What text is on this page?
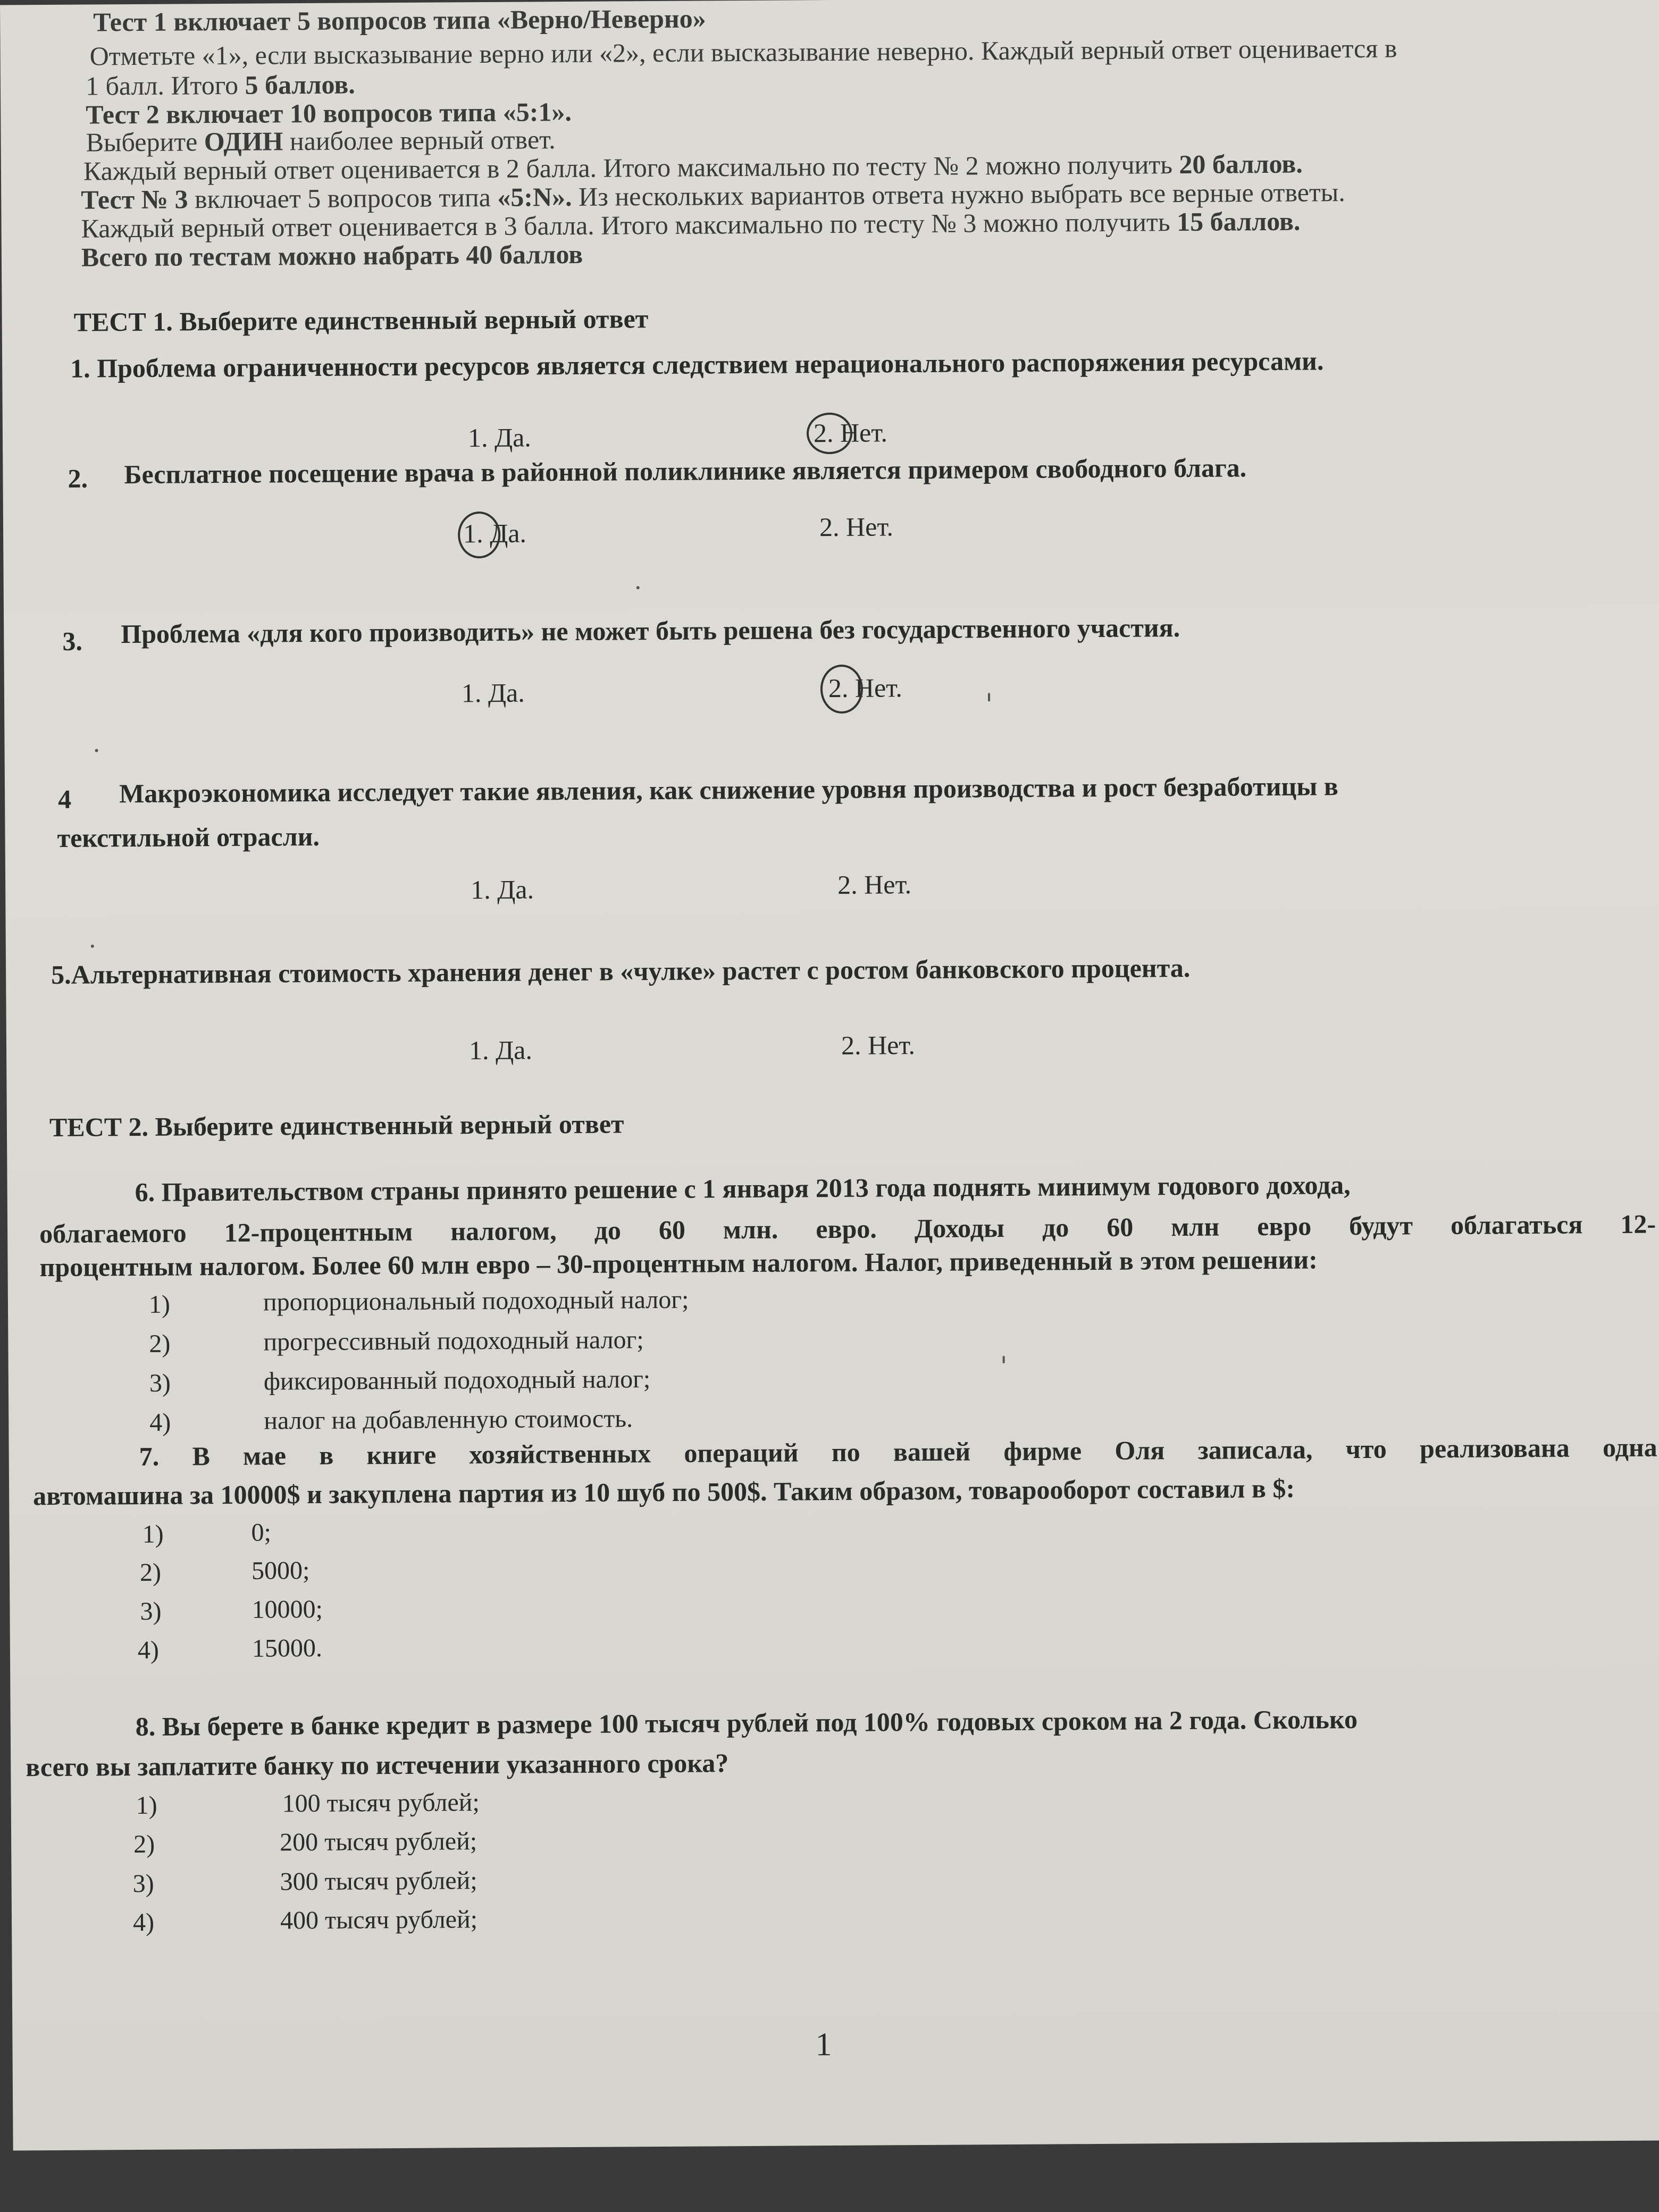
Тест 1 включает 5 вопросов типа «Верно/Неверно»
Отметьте «1», если высказывание верно или «2», если высказывание неверно. Каждый верный ответ оценивается в
1 балл. Итого 5 баллов.
Тест 2 включает 10 вопросов типа «5:1».
Выберите ОДИН наиболее верный ответ.
Каждый верный ответ оценивается в 2 балла. Итого максимально по тесту № 2 можно получить 20 баллов.
Тест № 3 включает 5 вопросов типа «5:N». Из нескольких вариантов ответа нужно выбрать все верные ответы.
Каждый верный ответ оценивается в 3 балла. Итого максимально по тесту № 3 можно получить 15 баллов.
Всего по тестам можно набрать 40 баллов
ТЕСТ 1. Выберите единственный верный ответ
1. Проблема ограниченности ресурсов является следствием нерационального распоряжения ресурсами.
1. Да.	2. Нет.
2. Бесплатное посещение врача в районной поликлинике является примером свободного блага.
1. Да.	2. Нет.
3. Проблема «для кого производить» не может быть решена без государственного участия.
1. Да.	2. Нет.
4 Макроэкономика исследует такие явления, как снижение уровня производства и рост безработицы в
текстильной отрасли.
1. Да.	2. Нет.
5.Альтернативная стоимость хранения денег в «чулке» растет с ростом банковского процента.
1. Да.	2. Нет.
ТЕСТ 2. Выберите единственный верный ответ
6. Правительством страны принято решение с 1 января 2013 года поднять минимум годового дохода,
облагаемого 12-процентным налогом, до 60 млн. евро. Доходы до 60 млн евро будут облагаться 12-
процентным налогом. Более 60 млн евро – 30-процентным налогом. Налог, приведенный в этом решении:
1)	пропорциональный подоходный налог;
2)	прогрессивный подоходный налог;
3)	фиксированный подоходный налог;
4)	налог на добавленную стоимость.
7. В мае в книге хозяйственных операций по вашей фирме Оля записала, что реализована одна
автомашина за 10000$ и закуплена партия из 10 шуб по 500$. Таким образом, товарооборот составил в $:
1)	0;
2)	5000;
3)	10000;
4)	15000.
8. Вы берете в банке кредит в размере 100 тысяч рублей под 100% годовых сроком на 2 года. Сколько
всего вы заплатите банку по истечении указанного срока?
1)	100 тысяч рублей;
2)	200 тысяч рублей;
3)	300 тысяч рублей;
4)	400 тысяч рублей;
1
